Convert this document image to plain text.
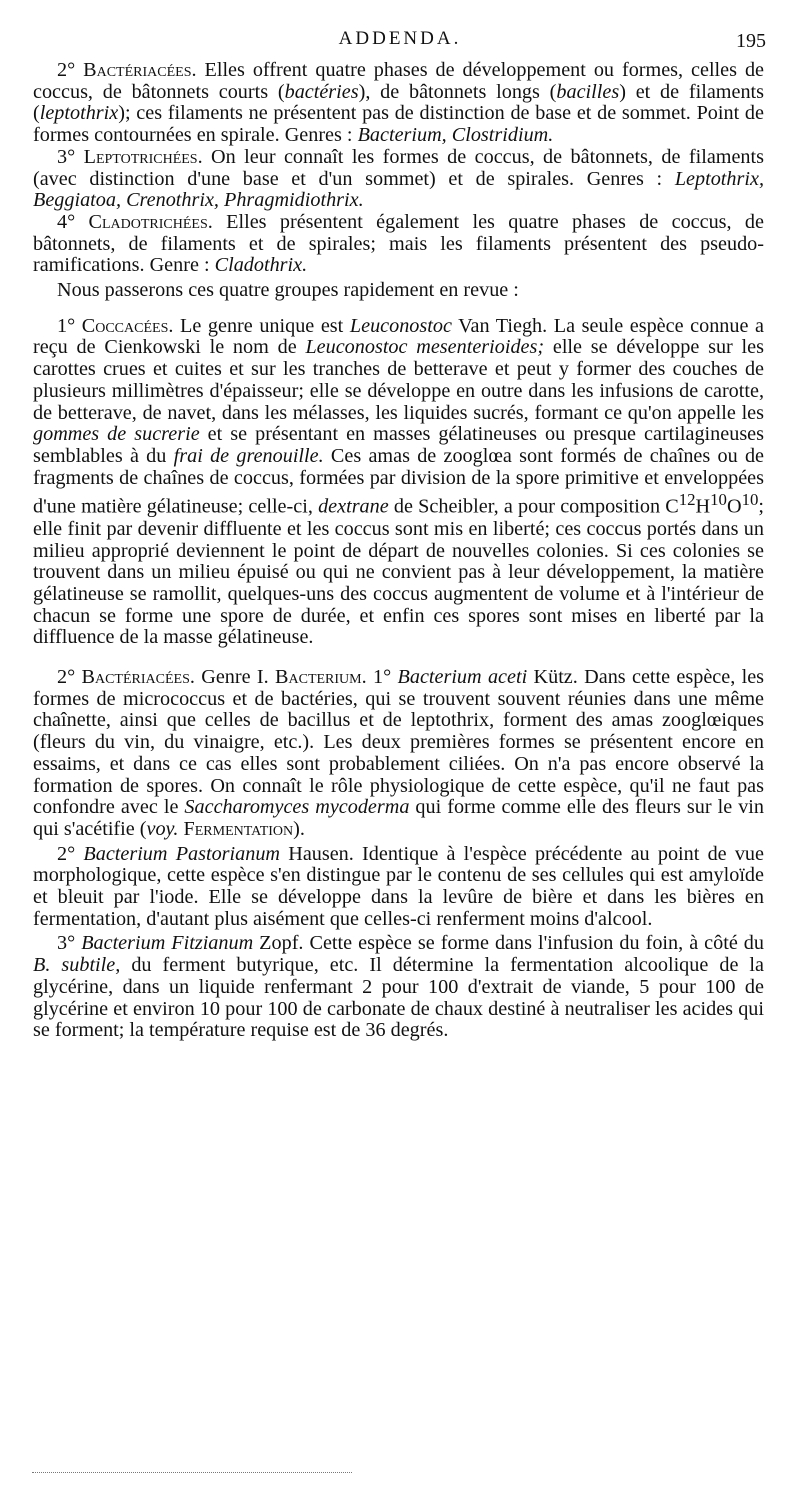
ADDENDA.	195

2° Bactériacées. Elles offrent quatre phases de développement ou formes, celles de coccus, de bâtonnets courts (bactéries), de bâtonnets longs (bacilles) et de filaments (leptothrix); ces filaments ne présentent pas de distinction de base et de sommet. Point de formes contournées en spirale. Genres : Bacterium, Clostridium.

3° Leptotrichées. On leur connaît les formes de coccus, de bâtonnets, de filaments (avec distinction d'une base et d'un sommet) et de spirales. Genres : Leptothrix, Beggiatoa, Crenothrix, Phragmidiothrix.

4° Cladotrichées. Elles présentent également les quatre phases de coccus, de bâtonnets, de filaments et de spirales; mais les filaments présentent des pseudo-ramifications. Genre : Cladothrix.

Nous passerons ces quatre groupes rapidement en revue :

1° Coccacées. Le genre unique est Leuconostoc Van Tiegh. La seule espèce connue a reçu de Cienkowski le nom de Leuconostoc mesenterioides; elle se développe sur les carottes crues et cuites et sur les tranches de betterave et peut y former des couches de plusieurs millimètres d'épaisseur; elle se développe en outre dans les infusions de carotte, de betterave, de navet, dans les mélasses, les liquides sucrés, formant ce qu'on appelle les gommes de sucrerie et se présentant en masses gélatineuses ou presque cartilagineuses semblables à du frai de grenouille. Ces amas de zooglœa sont formés de chaînes ou de fragments de chaînes de coccus, formées par division de la spore primitive et enveloppées d'une matière gélatineuse; celle-ci, dextrane de Scheibler, a pour composition $C^{12}H^{10}O^{10}$; elle finit par devenir diffluente et les coccus sont mis en liberté; ces coccus portés dans un milieu approprié deviennent le point de départ de nouvelles colonies. Si ces colonies se trouvent dans un milieu épuisé ou qui ne convient pas à leur développement, la matière gélatineuse se ramollit, quelques-uns des coccus augmentent de volume et à l'intérieur de chacun se forme une spore de durée, et enfin ces spores sont mises en liberté par la diffluence de la masse gélatineuse.

2° Bactériacées. Genre I. Bacterium. 1° Bacterium aceti Kütz. Dans cette espèce, les formes de micrococcus et de bactéries, qui se trouvent souvent réunies dans une même chaînette, ainsi que celles de bacillus et de leptothrix, forment des amas zooglœiques (fleurs du vin, du vinaigre, etc.). Les deux premières formes se présentent encore en essaims, et dans ce cas elles sont probablement ciliées. On n'a pas encore observé la formation de spores. On connaît le rôle physiologique de cette espèce, qu'il ne faut pas confondre avec le Saccharomyces mycoderma qui forme comme elle des fleurs sur le vin qui s'acétifie (voy. Fermentation).

2° Bacterium Pastorianum Hausen. Identique à l'espèce précédente au point de vue morphologique, cette espèce s'en distingue par le contenu de ses cellules qui est amyloïde et bleuit par l'iode. Elle se développe dans la levûre de bière et dans les bières en fermentation, d'autant plus aisément que celles-ci renferment moins d'alcool.

3° Bacterium Fitzianum Zopf. Cette espèce se forme dans l'infusion du foin, à côté du B. subtile, du ferment butyrique, etc. Il détermine la fermentation alcoolique de la glycérine, dans un liquide renfermant 2 pour 100 d'extrait de viande, 5 pour 100 de glycérine et environ 10 pour 100 de carbonate de chaux destiné à neutraliser les acides qui se forment; la température requise est de 36 degrés.
